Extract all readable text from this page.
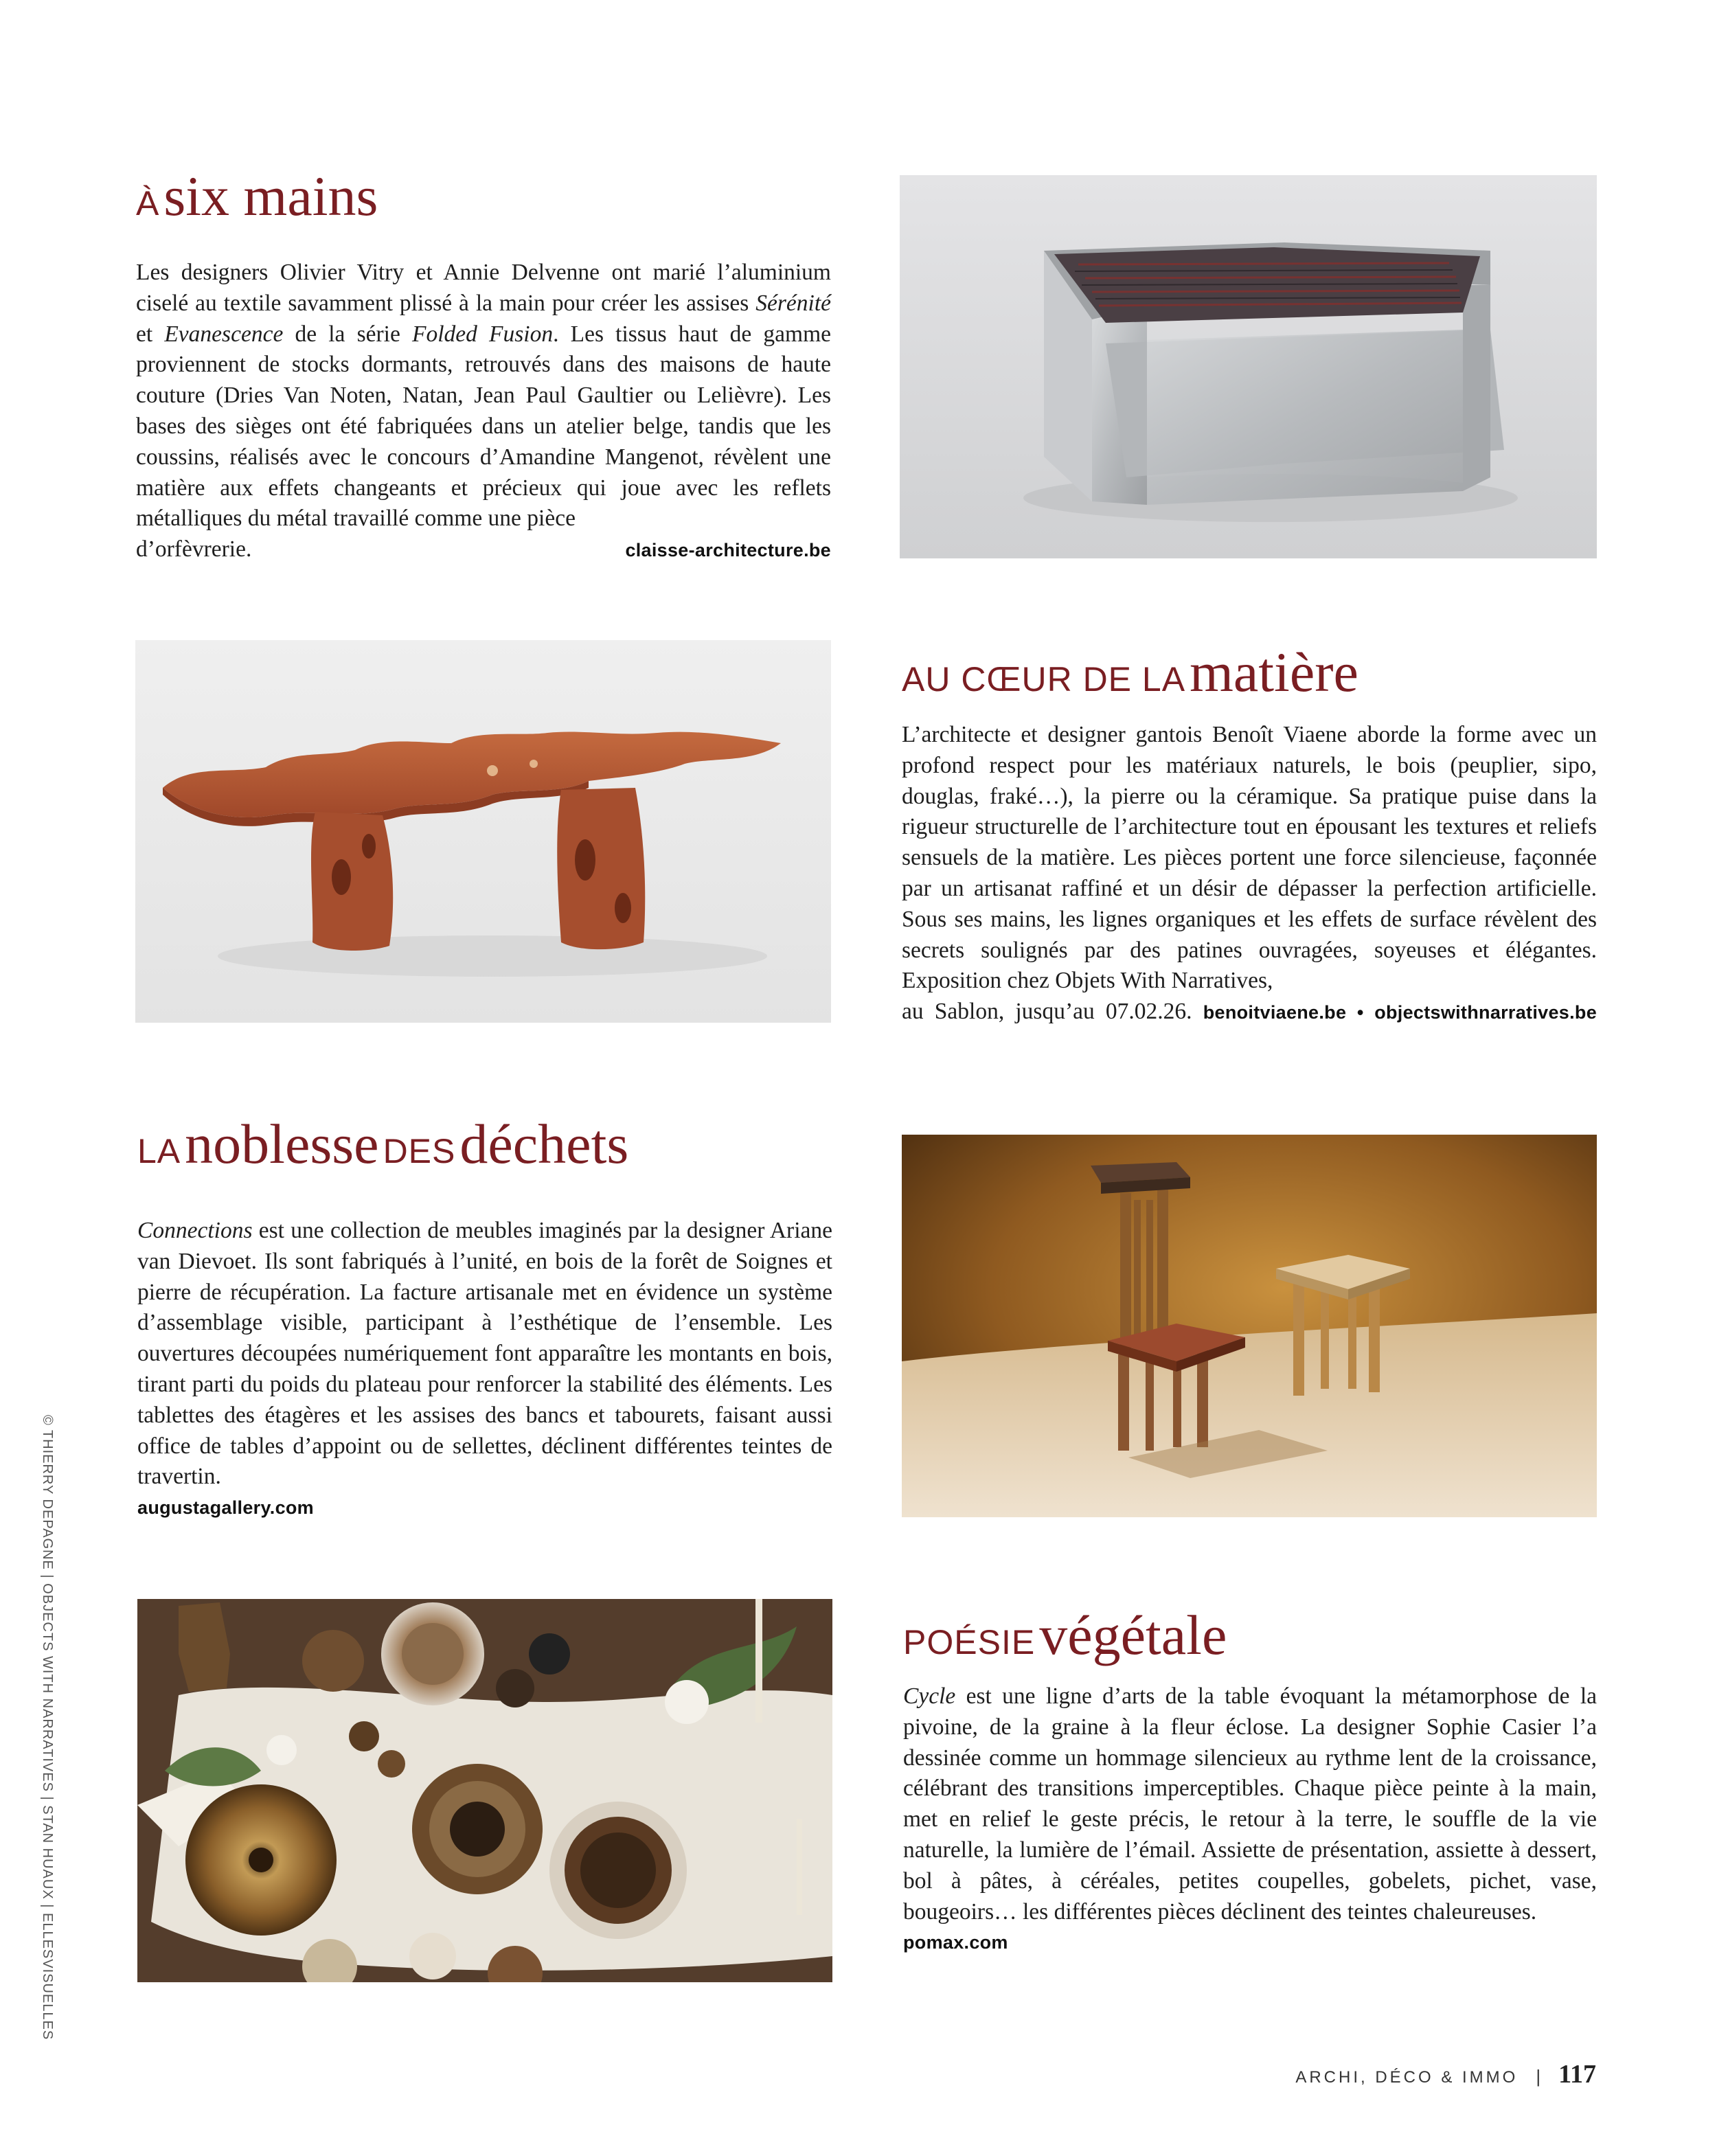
À six mains
Les designers Olivier Vitry et Annie Delvenne ont marié l’aluminium ciselé au textile savamment plissé à la main pour créer les assises Sérénité et Evanescence de la série Folded Fusion. Les tissus haut de gamme proviennent de stocks dormants, retrouvés dans des maisons de haute couture (Dries Van Noten, Natan, Jean Paul Gaultier ou Lelièvre). Les bases des sièges ont été fabriquées dans un atelier belge, tandis que les coussins, réalisés avec le concours d’Amandine Mangenot, révèlent une matière aux effets changeants et précieux qui joue avec les reflets métalliques du métal travaillé comme une pièce
d’orfèvrerie.	claisse-architecture.be
AU CŒUR DE LA matière
L’architecte et designer gantois Benoît Viaene aborde la forme avec un profond respect pour les matériaux naturels, le bois (peuplier, sipo, douglas, fraké…), la pierre ou la céramique. Sa pratique puise dans la rigueur structurelle de l’architecture tout en épousant les textures et reliefs sensuels de la matière. Les pièces portent une force silencieuse, façonnée par un artisanat raffiné et un désir de dépasser la perfection artificielle. Sous ses mains, les lignes organiques et les effets de surface révèlent des secrets soulignés par des patines ouvragées, soyeuses et élégantes. Exposition chez Objets With Narratives,
au Sablon, jusqu’au 07.02.26. benoitviaene.be • objectswithnarratives.be
LA noblesse DES déchets
Connections est une collection de meubles imaginés par la designer Ariane van Dievoet. Ils sont fabriqués à l’unité, en bois de la forêt de Soignes et pierre de récupération. La facture artisanale met en évidence un système d’assemblage visible, participant à l’esthétique de l’ensemble. Les ouvertures découpées numériquement font apparaître les montants en bois, tirant parti du poids du plateau pour renforcer la stabilité des éléments. Les tablettes des étagères et les assises des bancs et tabourets, faisant aussi office de tables d’appoint ou de sellettes, déclinent différentes teintes de travertin.
augustagallery.com
POÉSIE végétale
Cycle est une ligne d’arts de la table évoquant la métamorphose de la pivoine, de la graine à la fleur éclose. La designer Sophie Casier l’a dessinée comme un hommage silencieux au rythme lent de la croissance, célébrant des transitions imperceptibles. Chaque pièce peinte à la main, met en relief le geste précis, le retour à la terre, le souffle de la vie naturelle, la lumière de l’émail. Assiette de présentation, assiette à dessert, bol à pâtes, à céréales, petites coupelles, gobelets, pichet, vase, bougeoirs… les différentes pièces déclinent des teintes chaleureuses.
pomax.com
© THIERRY DEPAGNE | OBJECTS WITH NARRATIVES | STAN HUAUX | ELLESVISUELLES
ARCHI, DÉCO & IMMO | 117
